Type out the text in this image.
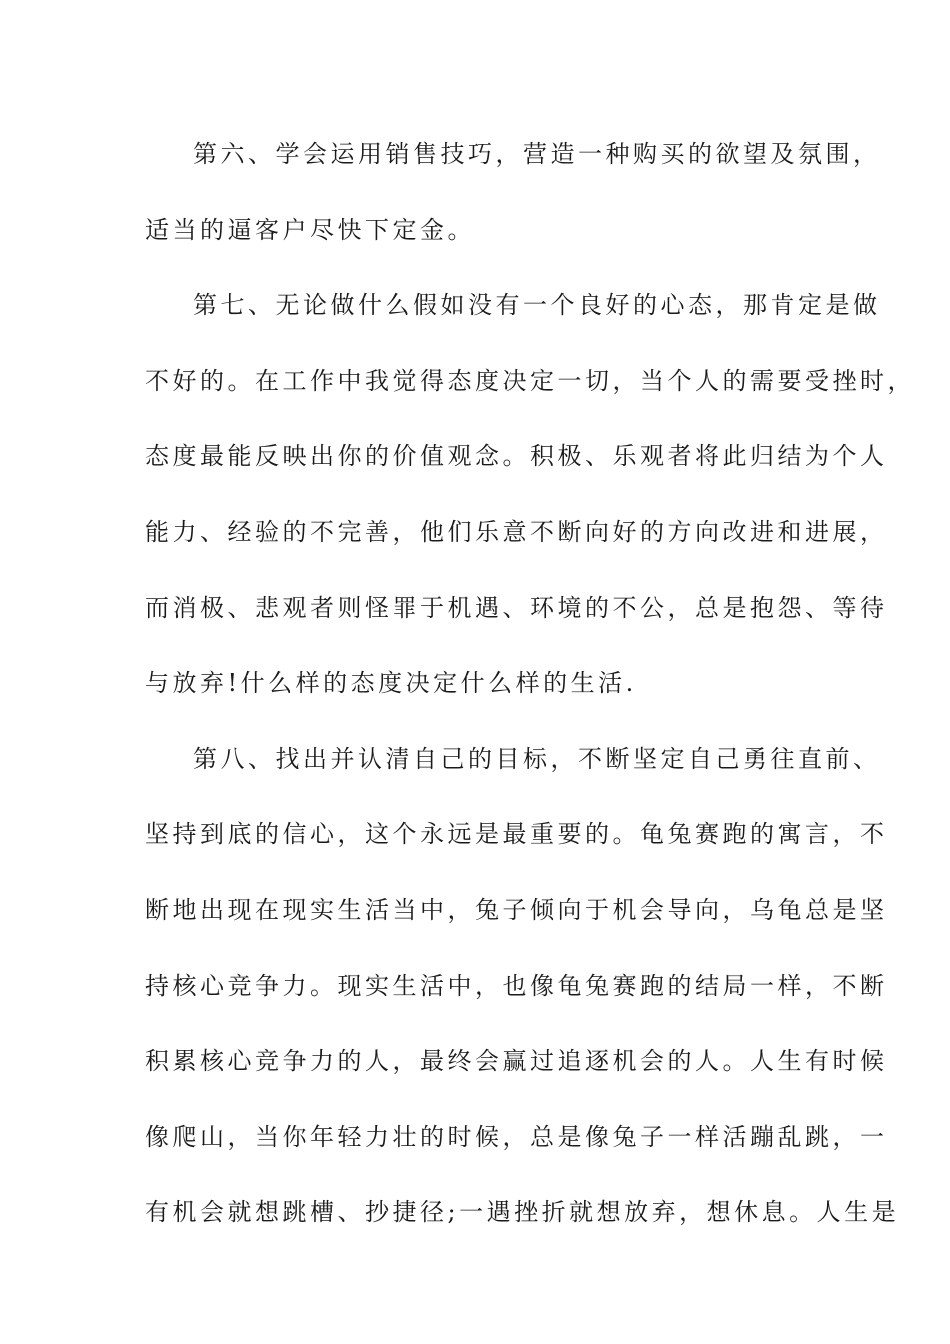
第六、学会运用销售技巧，营造一种购买的欲望及氛围，
适当的逼客户尽快下定金。
第七、无论做什么假如没有一个良好的心态，那肯定是做
不好的。在工作中我觉得态度决定一切，当个人的需要受挫时，
态度最能反映出你的价值观念。积极、乐观者将此归结为个人
能力、经验的不完善，他们乐意不断向好的方向改进和进展，
而消极、悲观者则怪罪于机遇、环境的不公，总是抱怨、等待
与放弃!什么样的态度决定什么样的生活.
第八、找出并认清自己的目标，不断坚定自己勇往直前、
坚持到底的信心，这个永远是最重要的。龟兔赛跑的寓言，不
断地出现在现实生活当中，兔子倾向于机会导向，乌龟总是坚
持核心竞争力。现实生活中，也像龟兔赛跑的结局一样，不断
积累核心竞争力的人，最终会赢过追逐机会的人。人生有时候
像爬山，当你年轻力壮的时候，总是像兔子一样活蹦乱跳，一
有机会就想跳槽、抄捷径;一遇挫折就想放弃，想休息。人生是
